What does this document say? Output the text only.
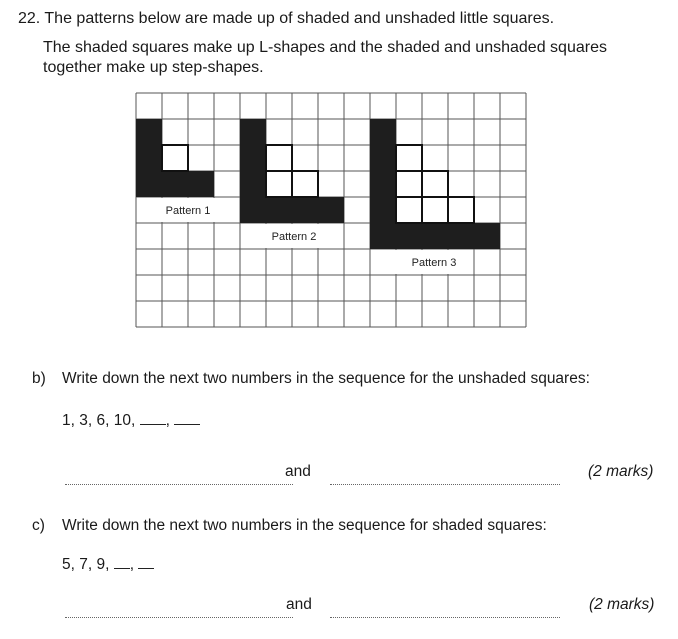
22. The patterns below are made up of shaded and unshaded little squares.
The shaded squares make up L-shapes and the shaded and unshaded squares
together make up step-shapes.
Pattern 1
Pattern 2
Pattern 3
b) Write down the next two numbers in the sequence for the unshaded squares:
1, 3, 6, 10, ,
and	(2 marks)
c) Write down the next two numbers in the sequence for shaded squares:
5, 7, 9, ,
and	(2 marks)
